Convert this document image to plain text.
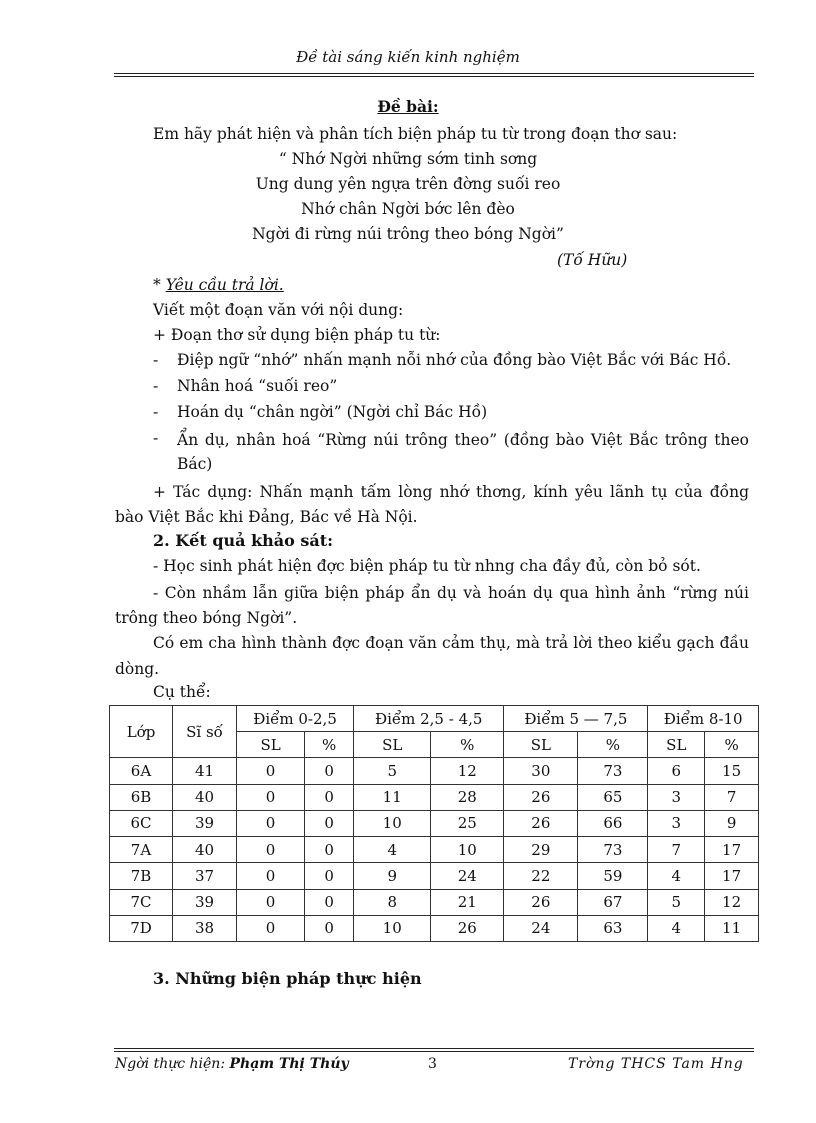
Đề tài sáng kiến kinh nghiệm
Đề bài:
Em hãy phát hiện và phân tích biện pháp tu từ trong đoạn thơ sau:
“ Nhớ Ngời những sớm tinh sơng
Ung dung yên ngựa trên đờng suối reo
Nhớ chân Ngời bớc lên đèo
Ngời đi rừng núi trông theo bóng Ngời”
(Tố Hữu)
* Yêu cầu trả lời.
Viết một đoạn văn với nội dung:
+ Đoạn thơ sử dụng biện pháp tu từ:
- Điệp ngữ “nhớ” nhấn mạnh nỗi nhớ của đồng bào Việt Bắc với Bác Hồ.
- Nhân hoá “suối reo”
- Hoán dụ “chân ngời” (Ngời chỉ Bác Hồ)
- Ẩn dụ, nhân hoá “Rừng núi trông theo” (đồng bào Việt Bắc trông theo Bác)
+ Tác dụng: Nhấn mạnh tấm lòng nhớ thơng, kính yêu lãnh tụ của đồng bào Việt Bắc khi Đảng, Bác về Hà Nội.
2. Kết quả khảo sát:
- Học sinh phát hiện đợc biện pháp tu từ nhng cha đầy đủ, còn bỏ sót.
- Còn nhầm lẫn giữa biện pháp ẩn dụ và hoán dụ qua hình ảnh “rừng núi trông theo bóng Ngời”.
Có em cha hình thành đợc đoạn văn cảm thụ, mà trả lời theo kiểu gạch đầu dòng.
Cụ thể:
Lớp	Sĩ số	Điểm 0-2,5		Điểm 2,5 - 4,5		Điểm 5 — 7,5		Điểm 8-10	
		SL	%	SL	%	SL	%	SL	%
6A	41	0	0	5	12	30	73	6	15
6B	40	0	0	11	28	26	65	3	7
6C	39	0	0	10	25	26	66	3	9
7A	40	0	0	4	10	29	73	7	17
7B	37	0	0	9	24	22	59	4	17
7C	39	0	0	8	21	26	67	5	12
7D	38	0	0	10	26	24	63	4	11
3. Những biện pháp thực hiện
Ngời thực hiện: Phạm Thị Thúy	3	Trờng THCS Tam Hng
